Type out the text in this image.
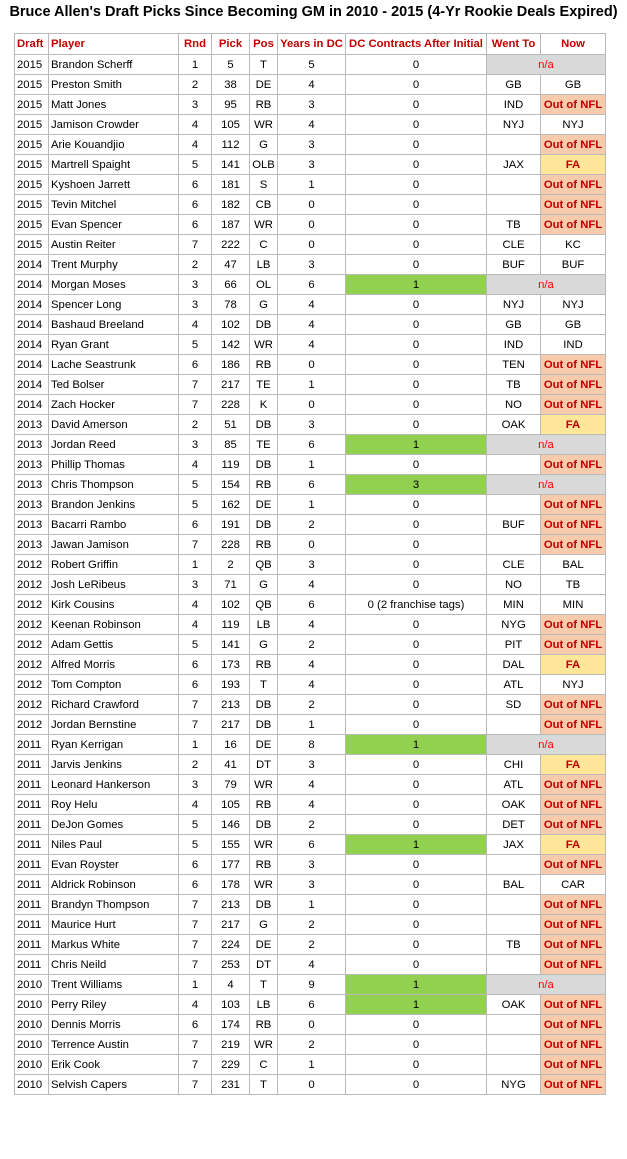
Bruce Allen's Draft Picks Since Becoming GM in 2010 - 2015 (4-Yr Rookie Deals Expired)
Draft	Player	Rnd	Pick	Pos	Years in DC	DC Contracts After Initial	Went To	Now
2015	Brandon Scherff	1	5	T	5	0	n/a	
2015	Preston Smith	2	38	DE	4	0	GB	GB
2015	Matt Jones	3	95	RB	3	0	IND	Out of NFL
2015	Jamison Crowder	4	105	WR	4	0	NYJ	NYJ
2015	Arie Kouandjio	4	112	G	3	0		Out of NFL
2015	Martrell Spaight	5	141	OLB	3	0	JAX	FA
2015	Kyshoen Jarrett	6	181	S	1	0		Out of NFL
2015	Tevin Mitchel	6	182	CB	0	0		Out of NFL
2015	Evan Spencer	6	187	WR	0	0	TB	Out of NFL
2015	Austin Reiter	7	222	C	0	0	CLE	KC
2014	Trent Murphy	2	47	LB	3	0	BUF	BUF
2014	Morgan Moses	3	66	OL	6	1	n/a	
2014	Spencer Long	3	78	G	4	0	NYJ	NYJ
2014	Bashaud Breeland	4	102	DB	4	0	GB	GB
2014	Ryan Grant	5	142	WR	4	0	IND	IND
2014	Lache Seastrunk	6	186	RB	0	0	TEN	Out of NFL
2014	Ted Bolser	7	217	TE	1	0	TB	Out of NFL
2014	Zach Hocker	7	228	K	0	0	NO	Out of NFL
2013	David Amerson	2	51	DB	3	0	OAK	FA
2013	Jordan Reed	3	85	TE	6	1	n/a	
2013	Phillip Thomas	4	119	DB	1	0		Out of NFL
2013	Chris Thompson	5	154	RB	6	3	n/a	
2013	Brandon Jenkins	5	162	DE	1	0		Out of NFL
2013	Bacarri Rambo	6	191	DB	2	0	BUF	Out of NFL
2013	Jawan Jamison	7	228	RB	0	0		Out of NFL
2012	Robert Griffin	1	2	QB	3	0	CLE	BAL
2012	Josh LeRibeus	3	71	G	4	0	NO	TB
2012	Kirk Cousins	4	102	QB	6	0 (2 franchise tags)	MIN	MIN
2012	Keenan Robinson	4	119	LB	4	0	NYG	Out of NFL
2012	Adam Gettis	5	141	G	2	0	PIT	Out of NFL
2012	Alfred Morris	6	173	RB	4	0	DAL	FA
2012	Tom Compton	6	193	T	4	0	ATL	NYJ
2012	Richard Crawford	7	213	DB	2	0	SD	Out of NFL
2012	Jordan Bernstine	7	217	DB	1	0		Out of NFL
2011	Ryan Kerrigan	1	16	DE	8	1	n/a	
2011	Jarvis Jenkins	2	41	DT	3	0	CHI	FA
2011	Leonard Hankerson	3	79	WR	4	0	ATL	Out of NFL
2011	Roy Helu	4	105	RB	4	0	OAK	Out of NFL
2011	DeJon Gomes	5	146	DB	2	0	DET	Out of NFL
2011	Niles Paul	5	155	WR	6	1	JAX	FA
2011	Evan Royster	6	177	RB	3	0		Out of NFL
2011	Aldrick Robinson	6	178	WR	3	0	BAL	CAR
2011	Brandyn Thompson	7	213	DB	1	0		Out of NFL
2011	Maurice Hurt	7	217	G	2	0		Out of NFL
2011	Markus White	7	224	DE	2	0	TB	Out of NFL
2011	Chris Neild	7	253	DT	4	0		Out of NFL
2010	Trent Williams	1	4	T	9	1	n/a	
2010	Perry Riley	4	103	LB	6	1	OAK	Out of NFL
2010	Dennis Morris	6	174	RB	0	0		Out of NFL
2010	Terrence Austin	7	219	WR	2	0		Out of NFL
2010	Erik Cook	7	229	C	1	0		Out of NFL
2010	Selvish Capers	7	231	T	0	0	NYG	Out of NFL
